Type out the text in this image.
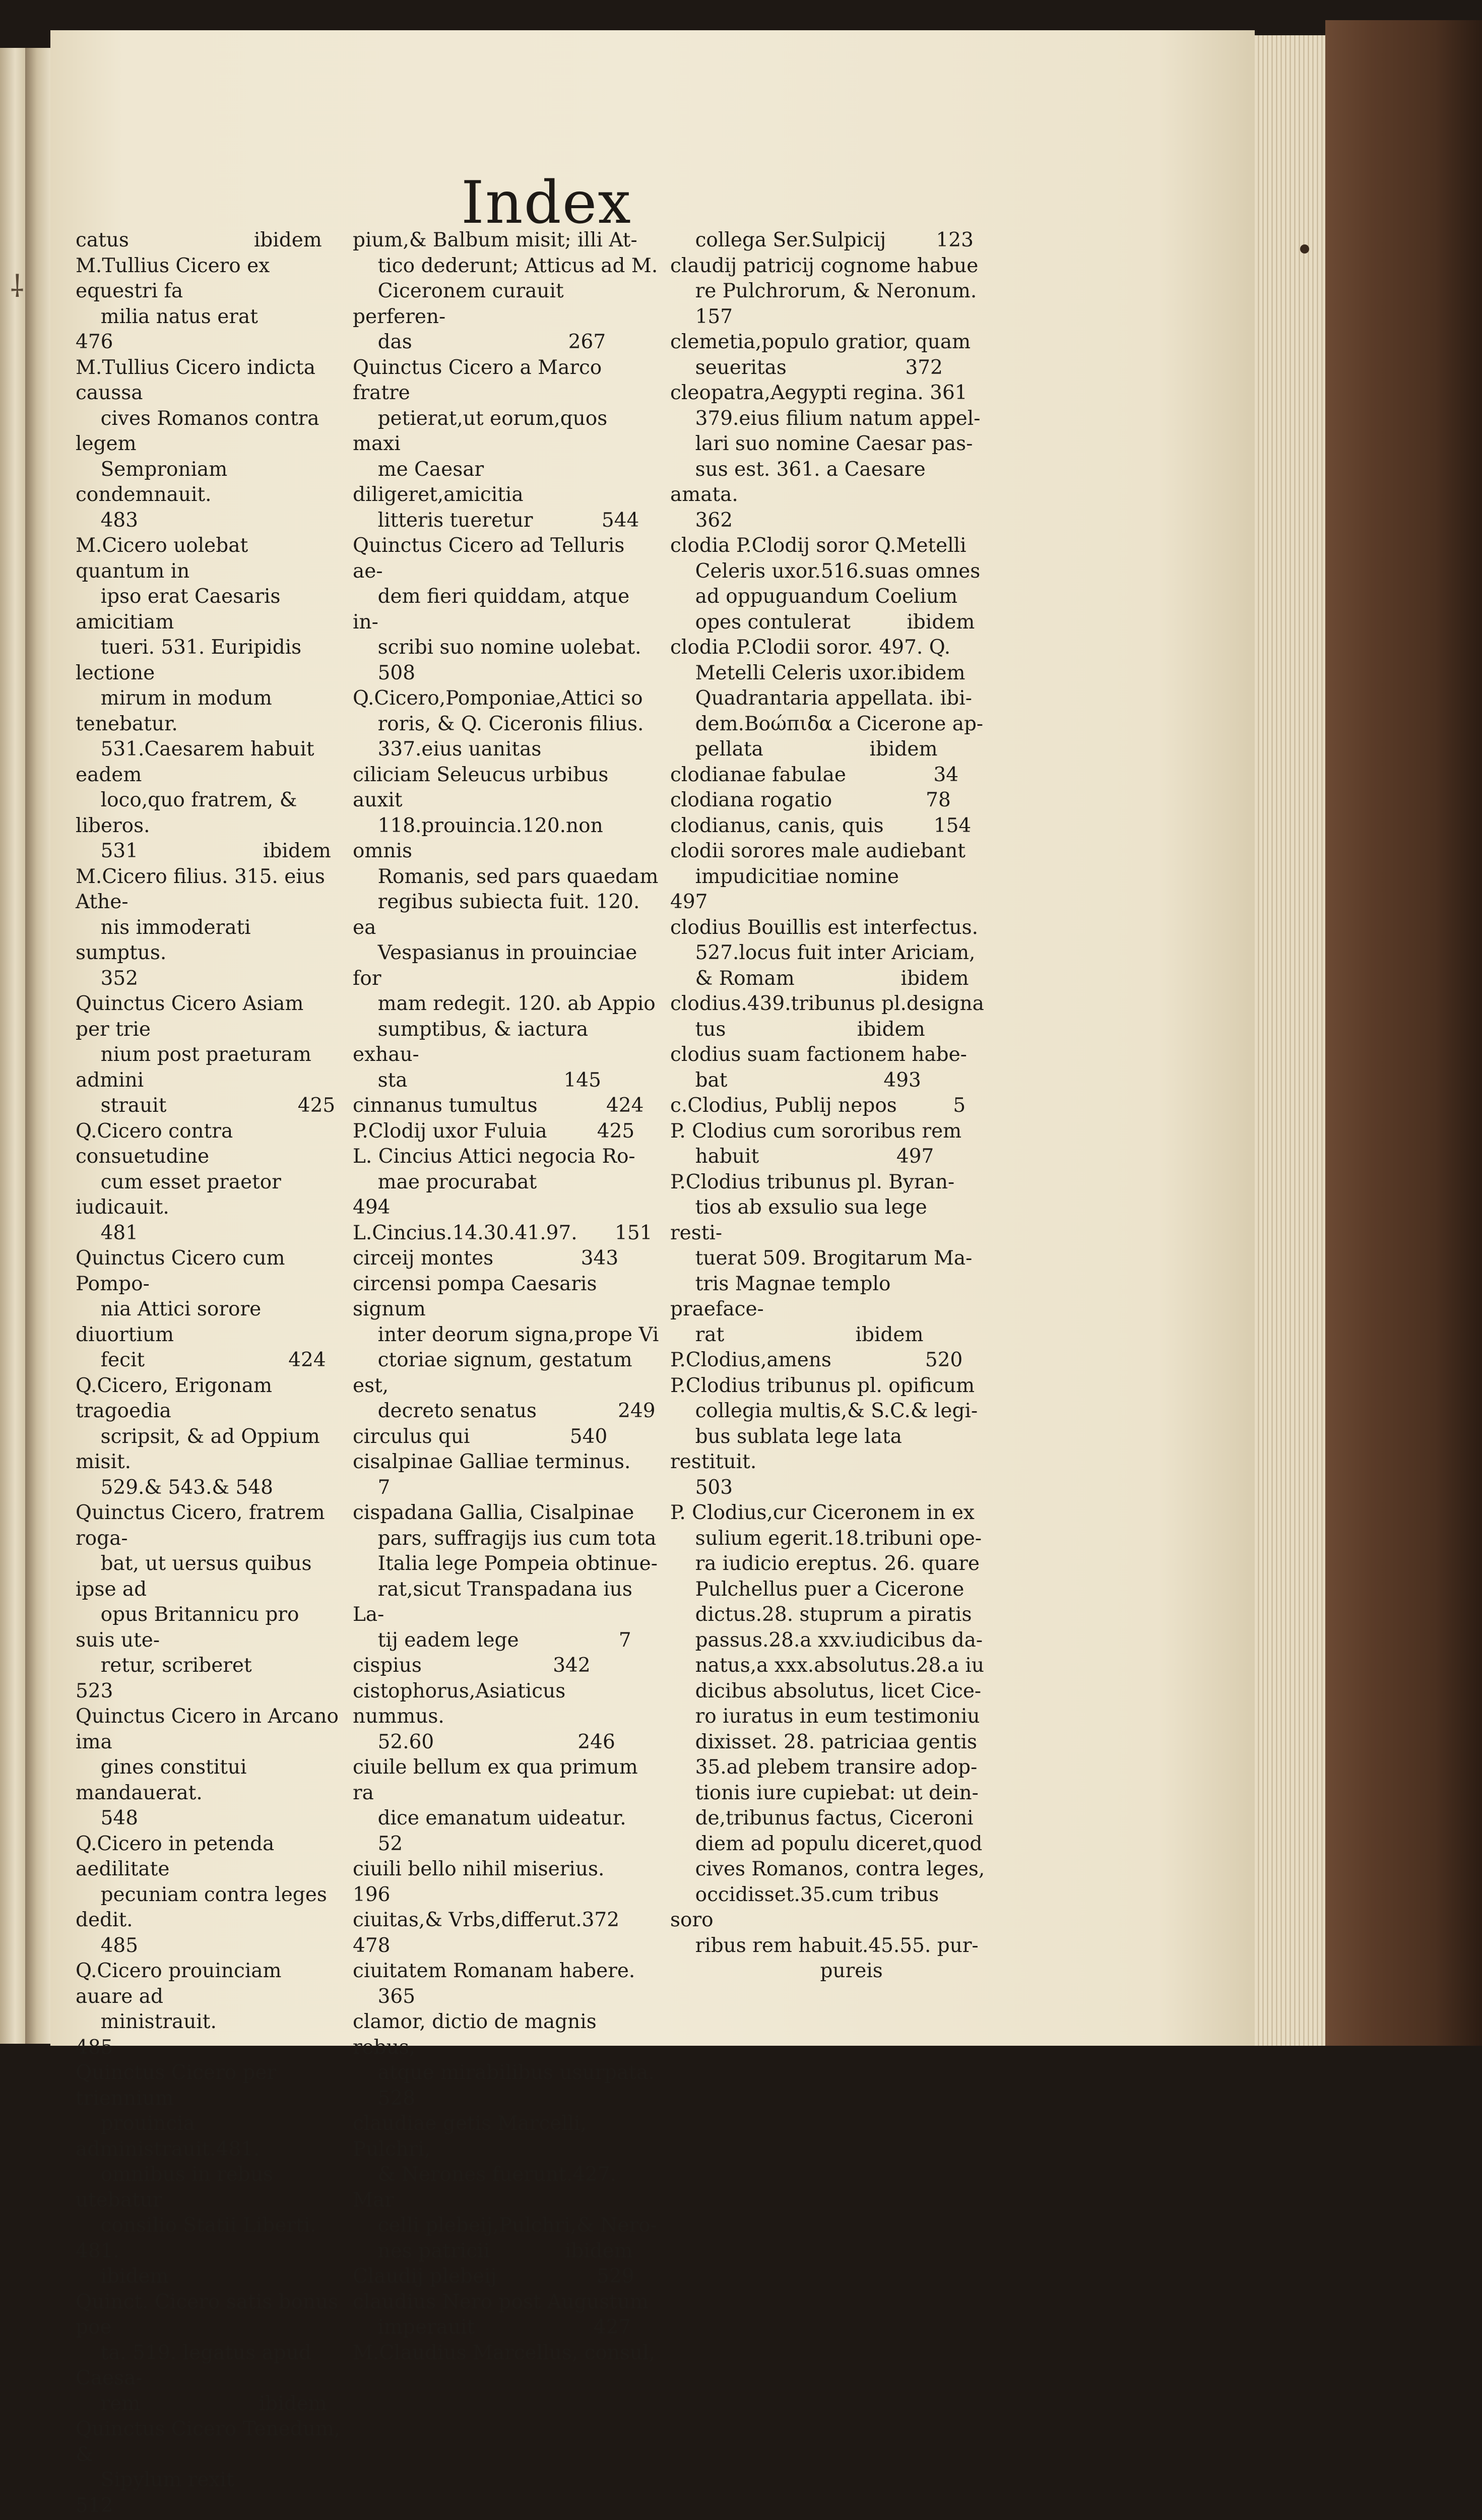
⸸
Index
catus                    ibidem
M.Tullius Cicero ex equestri fa
milia natus erat            476
M.Tullius Cicero indicta caussa
cives Romanos contra legem
Semproniam condemnauit.
483
M.Cicero uolebat quantum in
ipso erat Caesaris amicitiam
tueri. 531. Euripidis lectione
mirum in modum tenebatur.
531.Caesarem habuit eadem
loco,quo fratrem, & liberos.
531                    ibidem
M.Cicero filius. 315. eius Athe-
nis immoderati sumptus.
352
Quinctus Cicero Asiam per trie
nium post praeturam admini
strauit                     425
Q.Cicero contra consuetudine
cum esset praetor iudicauit.
481
Quinctus Cicero cum Pompo-
nia Attici sorore diuortium
fecit                       424
Q.Cicero, Erigonam tragoedia
scripsit, & ad Oppium misit.
529.& 543.& 548
Quinctus Cicero, fratrem roga-
bat, ut uersus quibus ipse ad
opus Britannicu pro suis ute-
retur, scriberet            523
Quinctus Cicero in Arcano ima
gines constitui mandauerat.
548
Q.Cicero in petenda aedilitate
pecuniam contra leges dedit.
485
Q.Cicero prouinciam auare ad
ministrauit.                485
Quinctus Cicero per triennium
prouincia administrauit.481.
omnibus in rebus utebatur
consilio Statii Liberti. 481.
ibidem
Quinct. Cicero satis bonus poe
ta. 519. legatus apud Caesa-
rem                   ibidem
Quinctus Cicero Tenedum, &
Sipylum rexit               512
pium,& Balbum misit; illi At-
tico dederunt; Atticus ad M.
Ciceronem curauit perferen-
das                         267
Quinctus Cicero a Marco fratre
petierat,ut eorum,quos maxi
me Caesar diligeret,amicitia
litteris tueretur           544
Quinctus Cicero ad Telluris ae-
dem fieri quiddam, atque in-
scribi suo nomine uolebat.
508
Q.Cicero,Pomponiae,Attici so
roris, & Q. Ciceronis filius.
337.eius uanitas
ciliciam Seleucus urbibus auxit
118.prouincia.120.non omnis
Romanis, sed pars quaedam
regibus subiecta fuit. 120. ea
Vespasianus in prouinciae for
mam redegit. 120. ab Appio
sumptibus, & iactura exhau-
sta                         145
cinnanus tumultus           424
P.Clodij uxor Fuluia        425
L. Cincius Attici negocia Ro-
mae procurabat              494
L.Cincius.14.30.41.97.      151
circeij montes              343
circensi pompa Caesaris signum
inter deorum signa,prope Vi
ctoriae signum, gestatum est,
decreto senatus             249
circulus qui                540
cisalpinae Galliae terminus.
7
cispadana Gallia, Cisalpinae
pars, suffragijs ius cum tota
Italia lege Pompeia obtinue-
rat,sicut Transpadana ius La-
tij eadem lege                7
cispius                     342
cistophorus,Asiaticus nummus.
52.60                       246
ciuile bellum ex qua primum ra
dice emanatum uideatur.
52
ciuili bello nihil miserius.   196
ciuitas,& Vrbs,differut.372 478
ciuitatem Romanam habere.
365
clamor, dictio de magnis rebus,
atque mirabilibus usurpata.
528
claudiae getis Marcelli, Pulchri,
& Nerones fuerunt.427. Mar
celli plebeij,Pulchri,& Nero-
nes patricii            ibidem
Claudij plebeij                529
claudius Nero post Augustum
imperauit                   427
M.Claudius Marcellus, consul,
collega Ser.Sulpicij        123
claudij patricij cognome habue
re Pulchrorum, & Neronum.
157
clemetia,populo gratior, quam
seueritas                   372
cleopatra,Aegypti regina. 361
379.eius filium natum appel-
lari suo nomine Caesar pas-
sus est. 361. a Caesare amata.
362
clodia P.Clodij soror Q.Metelli
Celeris uxor.516.suas omnes
ad oppuguandum Coelium
opes contulerat         ibidem
clodia P.Clodii soror. 497. Q.
Metelli Celeris uxor.ibidem
Quadrantaria appellata. ibi-
dem.Βοώπιδα a Cicerone ap-
pellata                 ibidem
clodianae fabulae              34
clodiana rogatio               78
clodianus, canis, quis        154
clodii sorores male audiebant
impudicitiae nomine         497
clodius Bouillis est interfectus.
527.locus fuit inter Ariciam,
& Romam                 ibidem
clodius.439.tribunus pl.designa
tus                     ibidem
clodius suam factionem habe-
bat                         493
c.Clodius, Publij nepos         5
P. Clodius cum sororibus rem
habuit                      497
P.Clodius tribunus pl. Byran-
tios ab exsulio sua lege resti-
tuerat 509. Brogitarum Ma-
tris Magnae templo praeface-
rat                     ibidem
P.Clodius,amens               520
P.Clodius tribunus pl. opificum
collegia multis,& S.C.& legi-
bus sublata lege lata restituit.
503
P. Clodius,cur Ciceronem in ex
sulium egerit.18.tribuni ope-
ra iudicio ereptus. 26. quare
Pulchellus puer a Cicerone
dictus.28. stuprum a piratis
passus.28.a xxv.iudicibus da-
natus,a xxx.absolutus.28.a iu
dicibus absolutus, licet Cice-
ro iuratus in eum testimoniu
dixisset. 28. patriciaa gentis
35.ad plebem transire adop-
tionis iure cupiebat: ut dein-
de,tribunus factus, Ciceroni
diem ad populu diceret,quod
cives Romanos, contra leges,
occidisset.35.cum tribus soro
ribus rem habuit.45.55. pur-
pureis
